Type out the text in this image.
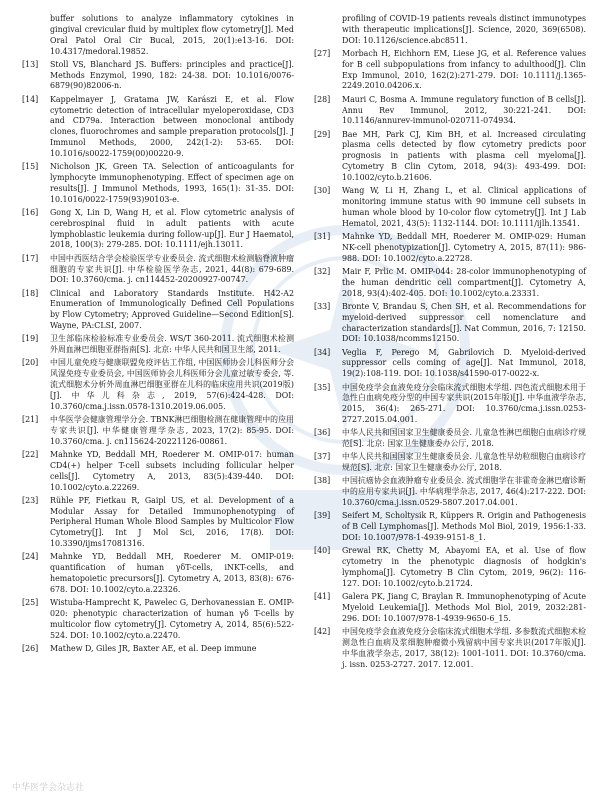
buffer solutions to analyze inflammatory cytokines in gingival crevicular fluid by multiplex flow cytometry[J]. Med Oral Patol Oral Cir Bucal, 2015, 20(1):e13-16. DOI: 10.4317/medoral.19852.
[13]	Stoll VS, Blanchard JS. Buffers: principles and practice[J]. Methods Enzymol, 1990, 182: 24-38. DOI: 10.1016/0076-6879(90)82006-n.
[14]	Kappelmayer J, Gratama JW, Karászi E, et al. Flow cytometric detection of intracellular myeloperoxidase, CD3 and CD79a. Interaction between monoclonal antibody clones, fluorochromes and sample preparation protocols[J]. J Immunol Methods, 2000, 242(1-2): 53-65. DOI: 10.1016/s0022-1759(00)00220-9.
[15]	Nicholson JK, Green TA. Selection of anticoagulants for lymphocyte immunophenotyping. Effect of specimen age on results[J]. J Immunol Methods, 1993, 165(1): 31-35. DOI: 10.1016/0022-1759(93)90103-e.
[16]	Gong X, Lin D, Wang H, et al. Flow cytometric analysis of cerebrospinal fluid in adult patients with acute lymphoblastic leukemia during follow-up[J]. Eur J Haematol, 2018, 100(3): 279-285. DOI: 10.1111/ejh.13011.
[17]	中国中西医结合学会检验医学专业委员会. 流式细胞术检测脑脊液肿瘤细胞的专家共识[J]. 中华检验医学杂志, 2021, 44(8): 679-689. DOI: 10.3760/cma. j. cn114452-20200927-00747.
[18]	Clinical and Laboratory Standards Institute. H42-A2 Enumeration of Immunologically Defined Cell Populations by Flow Cytometry; Approved Guideline—Second Edition[S]. Wayne, PA:CLSI, 2007.
[19]	卫生部临床检验标准专业委员会. WS/T 360-2011. 流式细胞术检测外周血淋巴细胞亚群指南[S]. 北京: 中华人民共和国卫生部, 2011.
[20]	中国儿童免疫与健康联盟免疫评估工作组, 中国医师协会儿科医师分会风湿免疫专业委员会, 中国医师协会儿科医师分会儿童过敏专委会, 等. 流式细胞术分析外周血淋巴细胞亚群在儿科的临床应用共识(2019版)[J]. 中华儿科杂志, 2019, 57(6):424-428. DOI: 10.3760/cma.j.issn.0578-1310.2019.06.005.
[21]	中华医学会健康管理学分会. TBNK淋巴细胞检测在健康管理中的应用专家共识[J]. 中华健康管理学杂志, 2023, 17(2): 85-95. DOI: 10.3760/cma. j. cn115624-20221126-00861.
[22]	Mahnke YD, Beddall MH, Roederer M. OMIP-017: human CD4(+) helper T-cell subsets including follicular helper cells[J]. Cytometry A, 2013, 83(5):439-440. DOI: 10.1002/cyto.a.22269.
[23]	Rühle PF, Fietkau R, Gaipl US, et al. Development of a Modular Assay for Detailed Immunophenotyping of Peripheral Human Whole Blood Samples by Multicolor Flow Cytometry[J]. Int J Mol Sci, 2016, 17(8). DOI: 10.3390/ijms17081316.
[24]	Mahnke YD, Beddall MH, Roederer M. OMIP-019: quantification of human γδT-cells, iNKT-cells, and hematopoietic precursors[J]. Cytometry A, 2013, 83(8): 676-678. DOI: 10.1002/cyto.a.22326.
[25]	Wistuba-Hamprecht K, Pawelec G, Derhovanessian E. OMIP-020: phenotypic characterization of human γδ T-cells by multicolor flow cytometry[J]. Cytometry A, 2014, 85(6):522-524. DOI: 10.1002/cyto.a.22470.
[26]	Mathew D, Giles JR, Baxter AE, et al. Deep immune
profiling of COVID-19 patients reveals distinct immunotypes with therapeutic implications[J]. Science, 2020, 369(6508). DOI: 10.1126/science.abc8511.
[27]	Morbach H, Eichhorn EM, Liese JG, et al. Reference values for B cell subpopulations from infancy to adulthood[J]. Clin Exp Immunol, 2010, 162(2):271-279. DOI: 10.1111/j.1365-2249.2010.04206.x.
[28]	Mauri C, Bosma A. Immune regulatory function of B cells[J]. Annu Rev Immunol, 2012, 30:221-241. DOI: 10.1146/annurev-immunol-020711-074934.
[29]	Bae MH, Park CJ, Kim BH, et al. Increased circulating plasma cells detected by flow cytometry predicts poor prognosis in patients with plasma cell myeloma[J]. Cytometry B Clin Cytom, 2018, 94(3): 493-499. DOI: 10.1002/cyto.b.21606.
[30]	Wang W, Li H, Zhang L, et al. Clinical applications of monitoring immune status with 90 immune cell subsets in human whole blood by 10-color flow cytometry[J]. Int J Lab Hematol, 2021, 43(5): 1132-1144. DOI: 10.1111/ijlh.13541.
[31]	Mahnke YD, Beddall MH, Roederer M. OMIP-029: Human NK-cell phenotypization[J]. Cytometry A, 2015, 87(11): 986-988. DOI: 10.1002/cyto.a.22728.
[32]	Mair F, Prlic M. OMIP-044: 28-color immunophenotyping of the human dendritic cell compartment[J]. Cytometry A, 2018, 93(4):402-405. DOI: 10.1002/cyto.a.23331.
[33]	Bronte V, Brandau S, Chen SH, et al. Recommendations for myeloid-derived suppressor cell nomenclature and characterization standards[J]. Nat Commun, 2016, 7: 12150. DOI: 10.1038/ncomms12150.
[34]	Veglia F, Perego M, Gabrilovich D. Myeloid-derived suppressor cells coming of age[J]. Nat Immunol, 2018, 19(2):108-119. DOI: 10.1038/s41590-017-0022-x.
[35]	中国免疫学会血液免疫分会临床流式细胞术学组. 四色流式细胞术用于急性白血病免疫分型的中国专家共识(2015年版)[J]. 中华血液学杂志, 2015, 36(4): 265-271. DOI: 10.3760/cma.j.issn.0253-2727.2015.04.001.
[36]	中华人民共和国国家卫生健康委员会. 儿童急性淋巴细胞白血病诊疗规范[S]. 北京: 国家卫生健康委办公厅, 2018.
[37]	中华人民共和国国家卫生健康委员会. 儿童急性早幼粒细胞白血病诊疗规范[S]. 北京: 国家卫生健康委办公厅, 2018.
[38]	中国抗癌协会血液肿瘤专业委员会. 流式细胞学在非霍奇金淋巴瘤诊断中的应用专家共识[J]. 中华病理学杂志, 2017, 46(4):217-222. DOI: 10.3760/cma.j.issn.0529-5807.2017.04.001.
[39]	Seifert M, Scholtysik R, Küppers R. Origin and Pathogenesis of B Cell Lymphomas[J]. Methods Mol Biol, 2019, 1956:1-33. DOI: 10.1007/978-1-4939-9151-8_1.
[40]	Grewal RK, Chetty M, Abayomi EA, et al. Use of flow cytometry in the phenotypic diagnosis of hodgkin's lymphoma[J]. Cytometry B Clin Cytom, 2019, 96(2): 116-127. DOI: 10.1002/cyto.b.21724.
[41]	Galera PK, Jiang C, Braylan R. Immunophenotyping of Acute Myeloid Leukemia[J]. Methods Mol Biol, 2019, 2032:281-296. DOI: 10.1007/978-1-4939-9650-6_15.
[42]	中国免疫学会血液免疫分会临床流式细胞术学组. 多参数流式细胞术检测急性白血病及浆细胞肿瘤微小残留病中国专家共识(2017年版)[J]. 中华血液学杂志, 2017, 38(12): 1001-1011. DOI: 10.3760/cma. j. issn. 0253-2727. 2017. 12.001.
中华医学会杂志社
